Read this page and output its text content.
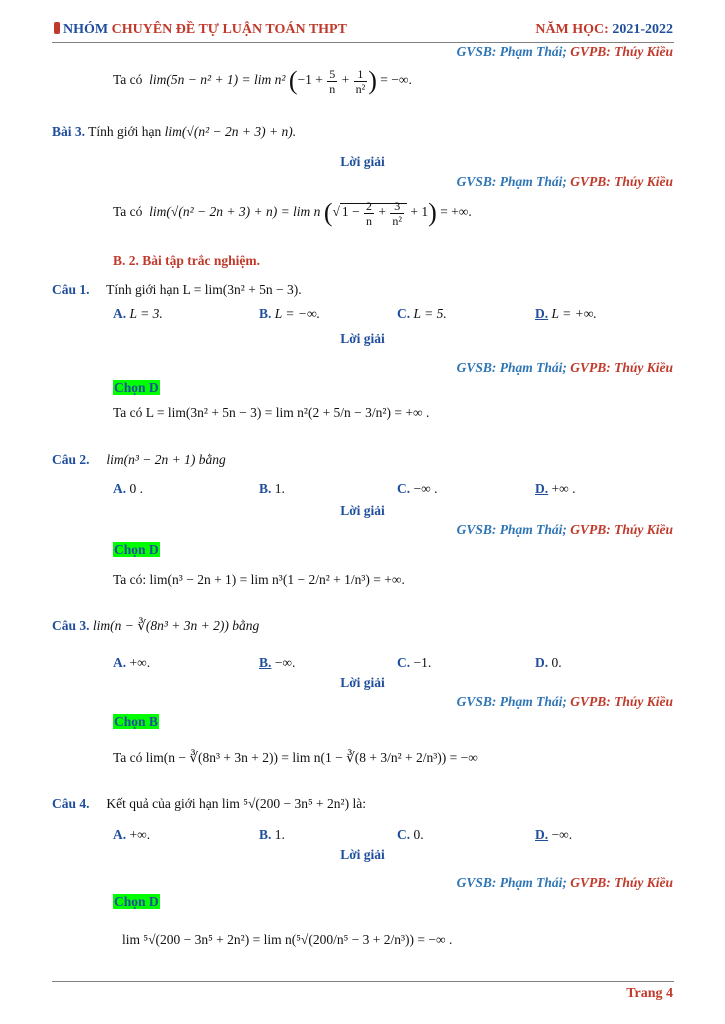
NHÓM CHUYÊN ĐỀ TỰ LUẬN TOÁN THPT	NĂM HỌC: 2021-2022
GVSB: Phạm Thái; GVPB: Thúy Kiều
Ta có lim(5n − n² + 1) = lim n² ($-1 + \frac{5}{n} + \frac{1}{\text{n²}}$ ) = −∞.
Bài 3. Tính giới hạn lim(√(n² − 2n + 3) + n).
Lời giải
GVSB: Phạm Thái; GVPB: Thúy Kiều
Ta có lim(√(n² − 2n + 3) + n) = lim n (√ $1 - \frac{2}{n} + \frac{3}{\text{n²}} + 1$) = +∞.
B. 2. Bài tập trắc nghiệm.
Câu 1. Tính giới hạn L = lim(3n² + 5n − 3).
A. L = 3.	B. L = −∞.	C. L = 5.	D. L = +∞.
Lời giải
GVSB: Phạm Thái; GVPB: Thúy Kiều
Chọn D
Ta có L = lim(3n² + 5n − 3) = lim n²(2 + 5/n − 3/n²) = +∞ .
Câu 2. lim(n³ − 2n + 1) bằng
A. 0 .	B. 1.	C. −∞ .	D. +∞ .
Lời giải
GVSB: Phạm Thái; GVPB: Thúy Kiều
Chọn D
Ta có: lim(n³ − 2n + 1) = lim n³(1 − 2/n² + 1/n³) = +∞.
Câu 3. lim(n − ∛(8n³ + 3n + 2)) bằng
A. +∞.	B. −∞.	C. −1.	D. 0.
Lời giải
GVSB: Phạm Thái; GVPB: Thúy Kiều
Chọn B
Ta có lim(n − ∛(8n³ + 3n + 2)) = lim n(1 − ∛(8 + 3/n² + 2/n³)) = −∞
Câu 4. Kết quả của giới hạn lim ⁵√(200 − 3n⁵ + 2n²) là:
A. +∞.	B. 1.	C. 0.	D. −∞.
Lời giải
GVSB: Phạm Thái; GVPB: Thúy Kiều
Chọn D
lim ⁵√(200 − 3n⁵ + 2n²) = lim n(⁵√(200/n⁵ − 3 + 2/n³)) = −∞ .
Trang 4
